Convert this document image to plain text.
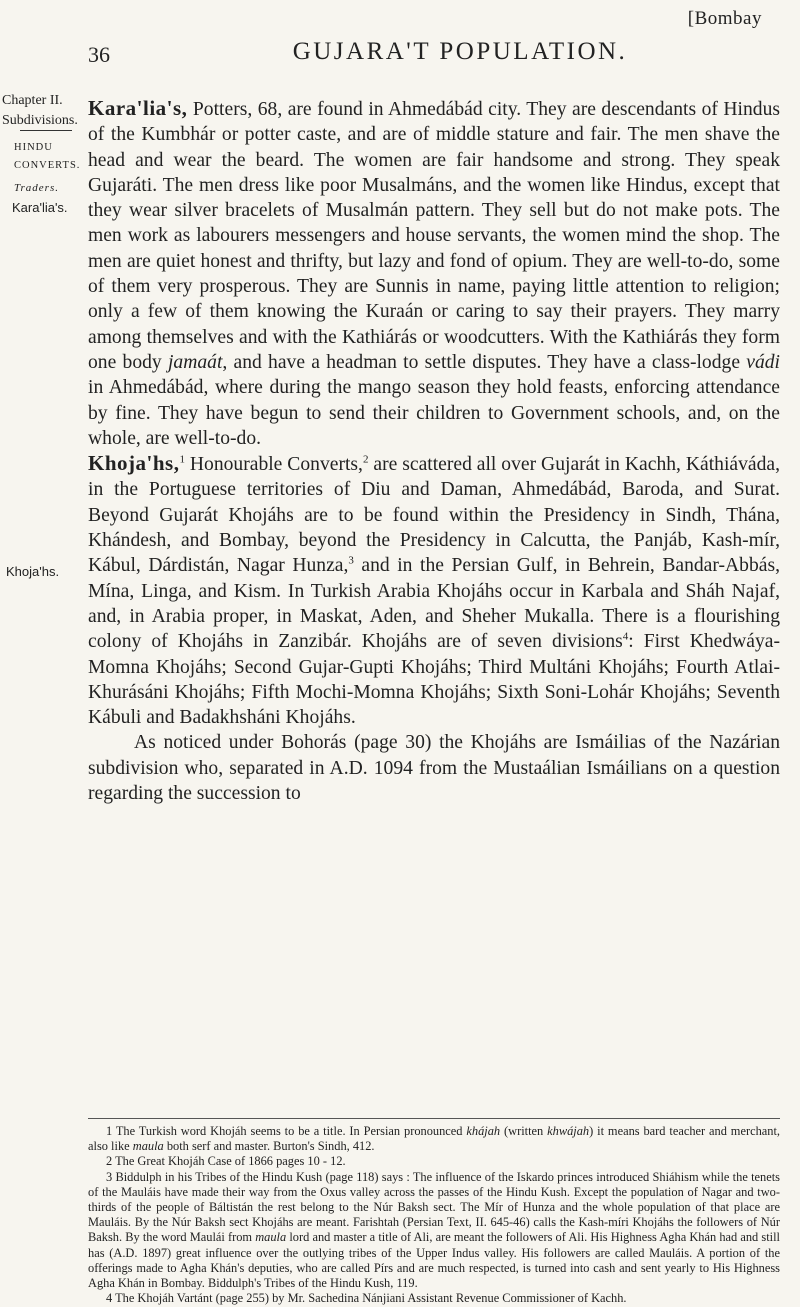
[Bombay
36	GUJARA'T POPULATION.
Chapter II.
Subdivisions.
HINDU
CONVERTS.
Traders.
Kara'lia's.
Khoja'hs.

Kara'lia's, Potters, 68, are found in Ahmedábád city. They are descendants of Hindus of the Kumbhár or potter caste, and are of middle stature and fair. The men shave the head and wear the beard. The women are fair handsome and strong. They speak Gujaráti. The men dress like poor Musalmáns, and the women like Hindus, except that they wear silver bracelets of Musalmán pattern. They sell but do not make pots. The men work as labourers messengers and house servants, the women mind the shop. The men are quiet honest and thrifty, but lazy and fond of opium. They are well-to-do, some of them very prosperous. They are Sunnis in name, paying little attention to religion; only a few of them knowing the Kuraán or caring to say their prayers. They marry among themselves and with the Kathiárás or woodcutters. With the Kathiárás they form one body jamaát, and have a headman to settle disputes. They have a class-lodge vádi in Ahmedábád, where during the mango season they hold feasts, enforcing attendance by fine. They have begun to send their children to Government schools, and, on the whole, are well-to-do.

Khoja'hs,$^1$ Honourable Converts,$^2$ are scattered all over Gujarát in Kachh, Káthiáváda, in the Portuguese territories of Diu and Daman, Ahmedábád, Baroda, and Surat. Beyond Gujarát Khojáhs are to be found within the Presidency in Sindh, Thána, Khándesh, and Bombay, beyond the Presidency in Calcutta, the Panjáb, Kash-mír, Kábul, Dárdistán, Nagar Hunza,$^3$ and in the Persian Gulf, in Behrein, Bandar-Abbás, Mína, Linga, and Kism. In Turkish Arabia Khojáhs occur in Karbala and Sháh Najaf, and, in Arabia proper, in Maskat, Aden, and Sheher Mukalla. There is a flourishing colony of Khojáhs in Zanzibár. Khojáhs are of seven divisions$^4$: First Khedwáya-Momna Khojáhs; Second Gujar-Gupti Khojáhs; Third Multáni Khojáhs; Fourth Atlai-Khurásáni Khojáhs; Fifth Mochi-Momna Khojáhs; Sixth Soni-Lohár Khojáhs; Seventh Kábuli and Badakhsháni Khojáhs.

As noticed under Bohorás (page 30) the Khojáhs are Ismáilias of the Nazárian subdivision who, separated in A.D. 1094 from the Mustaálian Ismáilians on a question regarding the succession to

1 The Turkish word Khojáh seems to be a title. In Persian pronounced khájah (written khwájah) it means bard teacher and merchant, also like maula both serf and master. Burton's Sindh, 412.

2 The Great Khojáh Case of 1866 pages 10 - 12.

3 Biddulph in his Tribes of the Hindu Kush (page 118) says : The influence of the Iskardo princes introduced Shiáhism while the tenets of the Mauláis have made their way from the Oxus valley across the passes of the Hindu Kush. Except the population of Nagar and two-thirds of the people of Báltistán the rest belong to the Núr Baksh sect. The Mír of Hunza and the whole population of that place are Mauláis. By the Núr Baksh sect Khojáhs are meant. Farishtah (Persian Text, II. 645-46) calls the Kash-míri Khojáhs the followers of Núr Baksh. By the word Maulái from maula lord and master a title of Ali, are meant the followers of Ali. His Highness Agha Khán had and still has (A.D. 1897) great influence over the outlying tribes of the Upper Indus valley. His followers are called Mauláis. A portion of the offerings made to Agha Khán's deputies, who are called Pírs and are much respected, is turned into cash and sent yearly to His Highness Agha Khán in Bombay. Biddulph's Tribes of the Hindu Kush, 119.

4 The Khojáh Vartánt (page 255) by Mr. Sachedina Nánjiani Assistant Revenue Commissioner of Kachh.
